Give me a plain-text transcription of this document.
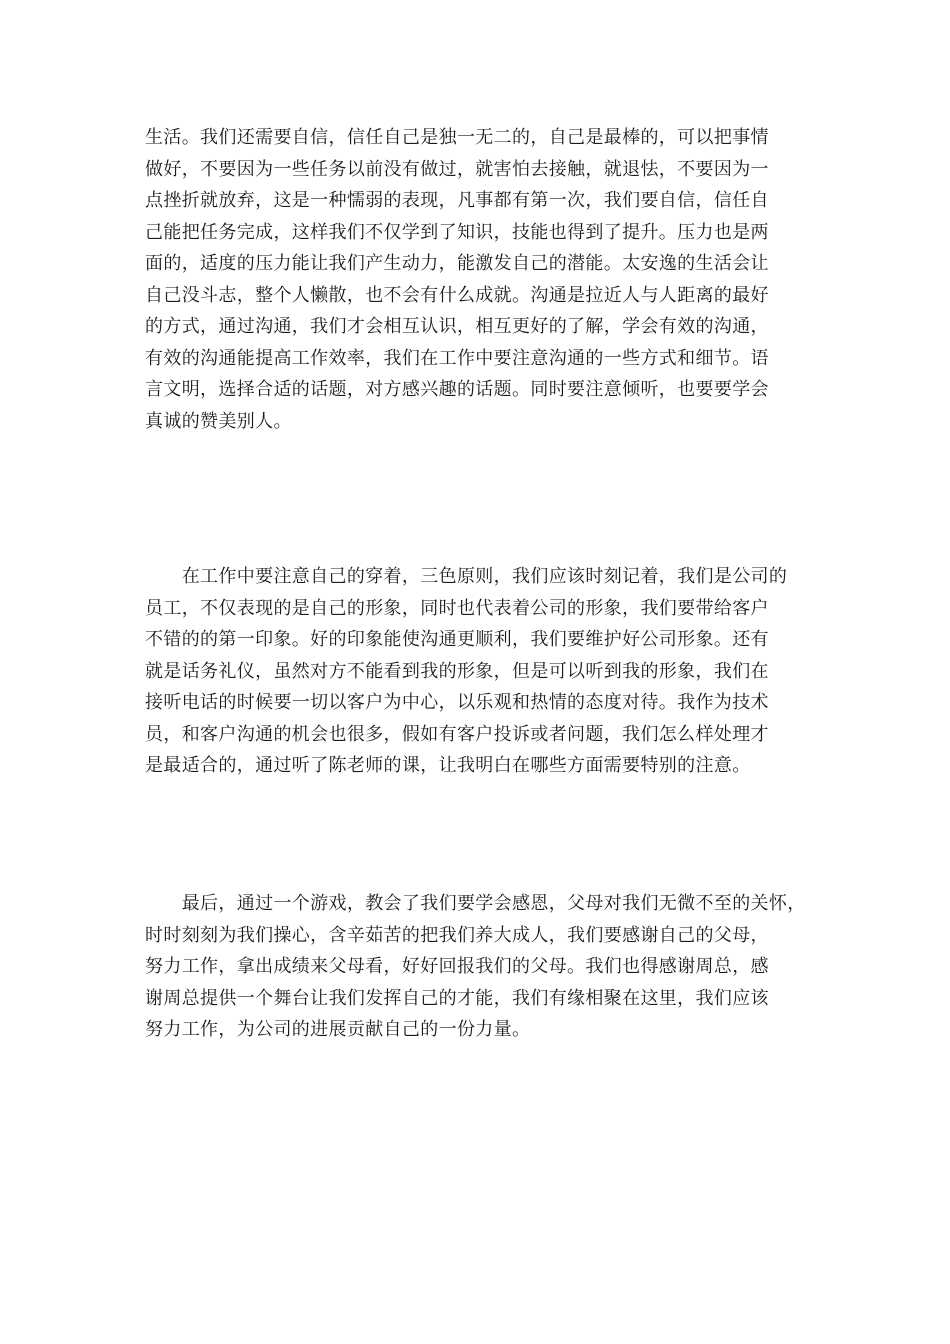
生活。我们还需要自信，信任自己是独一无二的，自己是最棒的，可以把事情
做好，不要因为一些任务以前没有做过，就害怕去接触，就退怯，不要因为一
点挫折就放弃，这是一种懦弱的表现，凡事都有第一次，我们要自信，信任自
己能把任务完成，这样我们不仅学到了知识，技能也得到了提升。压力也是两
面的，适度的压力能让我们产生动力，能激发自己的潜能。太安逸的生活会让
自己没斗志，整个人懒散，也不会有什么成就。沟通是拉近人与人距离的最好
的方式，通过沟通，我们才会相互认识，相互更好的了解，学会有效的沟通，
有效的沟通能提高工作效率，我们在工作中要注意沟通的一些方式和细节。语
言文明，选择合适的话题，对方感兴趣的话题。同时要注意倾听，也要要学会
真诚的赞美别人。
　　在工作中要注意自己的穿着，三色原则，我们应该时刻记着，我们是公司的
员工，不仅表现的是自己的形象，同时也代表着公司的形象，我们要带给客户
不错的的第一印象。好的印象能使沟通更顺利，我们要维护好公司形象。还有
就是话务礼仪，虽然对方不能看到我的形象，但是可以听到我的形象，我们在
接听电话的时候要一切以客户为中心，以乐观和热情的态度对待。我作为技术
员，和客户沟通的机会也很多，假如有客户投诉或者问题，我们怎么样处理才
是最适合的，通过听了陈老师的课，让我明白在哪些方面需要特别的注意。
　　最后，通过一个游戏，教会了我们要学会感恩，父母对我们无微不至的关怀，
时时刻刻为我们操心，含辛茹苦的把我们养大成人，我们要感谢自己的父母，
努力工作，拿出成绩来父母看，好好回报我们的父母。我们也得感谢周总，感
谢周总提供一个舞台让我们发挥自己的才能，我们有缘相聚在这里，我们应该
努力工作，为公司的进展贡献自己的一份力量。
